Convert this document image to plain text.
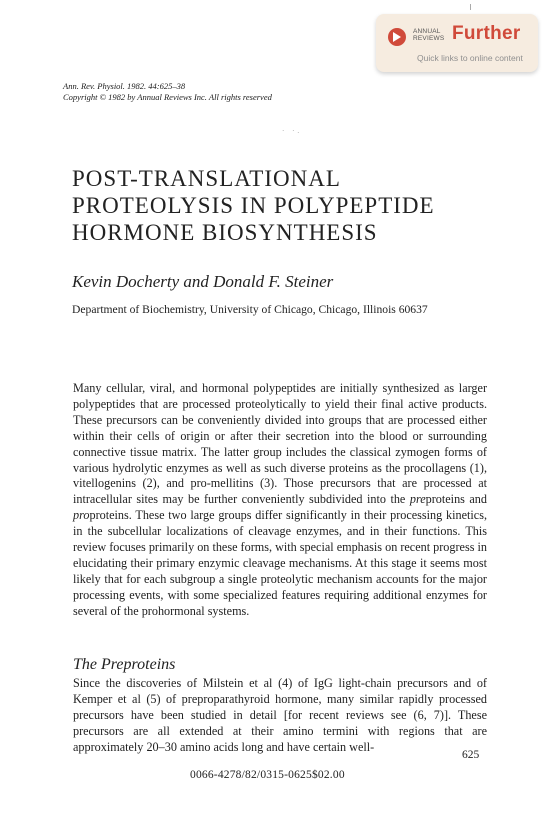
ANNUAL
REVIEWS Further
Quick links to online content
Ann. Rev. Physiol. 1982. 44:625–38
Copyright © 1982 by Annual Reviews Inc. All rights reserved
· ·.
POST-TRANSLATIONAL
PROTEOLYSIS IN POLYPEPTIDE
HORMONE BIOSYNTHESIS
Kevin Docherty and Donald F. Steiner
Department of Biochemistry, University of Chicago, Chicago, Illinois 60637
Many cellular, viral, and hormonal polypeptides are initially synthesized as larger polypeptides that are processed proteolytically to yield their final active products. These precursors can be conveniently divided into groups that are processed either within their cells of origin or after their secretion into the blood or surrounding connective tissue matrix. The latter group includes the classical zymogen forms of various hydrolytic enzymes as well as such diverse proteins as the procollagens (1), vitellogenins (2), and pro-mellitins (3). Those precursors that are processed at intracellular sites may be further conveniently subdivided into the preproteins and proproteins. These two large groups differ significantly in their processing kinetics, in the subcellular localizations of cleavage enzymes, and in their functions. This review focuses primarily on these forms, with special emphasis on recent progress in elucidating their primary enzymic cleavage mechanisms. At this stage it seems most likely that for each subgroup a single proteolytic mechanism accounts for the major processing events, with some specialized features requiring additional enzymes for several of the prohormonal systems.
The Preproteins
Since the discoveries of Milstein et al (4) of IgG light-chain precursors and of Kemper et al (5) of preproparathyroid hormone, many similar rapidly processed precursors have been studied in detail [for recent reviews see (6, 7)]. These precursors are all extended at their amino termini with regions that are approximately 20–30 amino acids long and have certain well-
625
0066-4278/82/0315-0625$02.00
